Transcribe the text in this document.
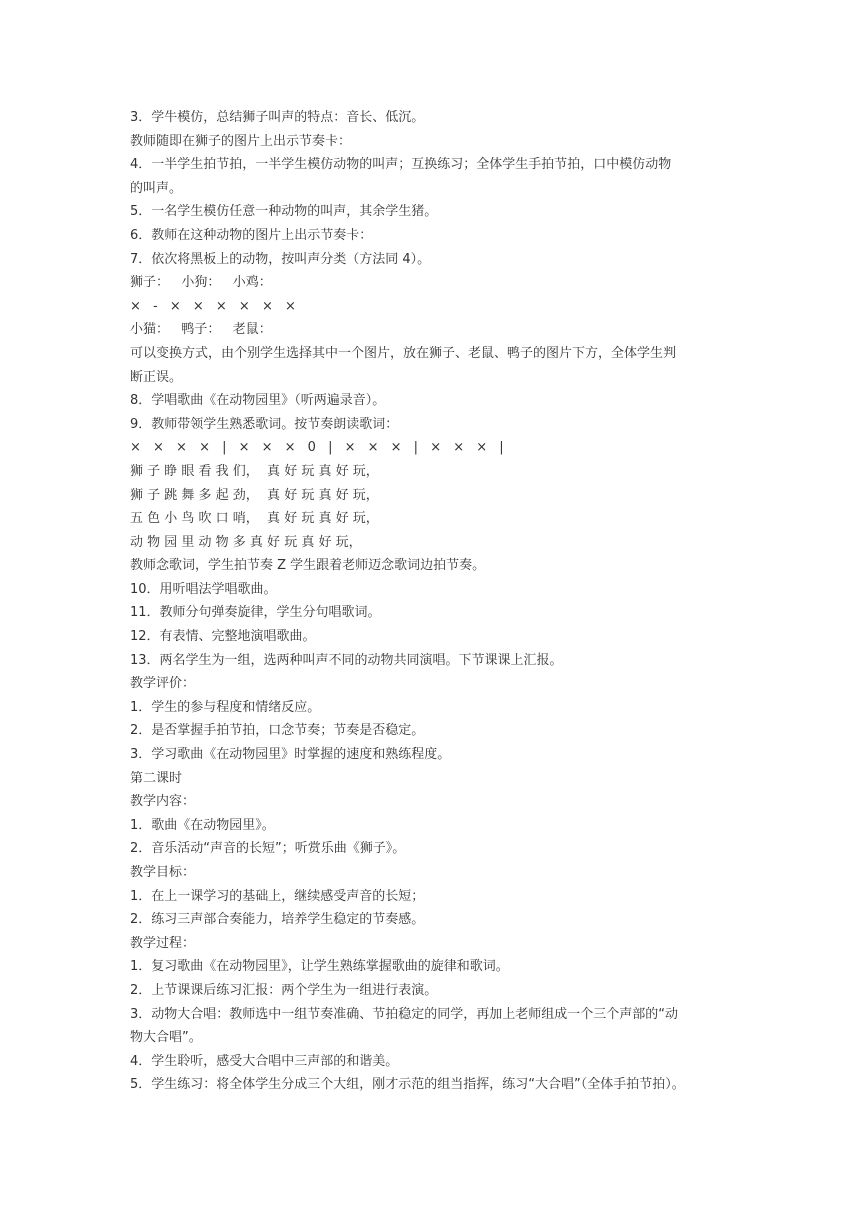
3．学牛模仿，总结狮子叫声的特点：音长、低沉。
教师随即在狮子的图片上出示节奏卡：
4．一半学生拍节拍，一半学生模仿动物的叫声；互换练习；全体学生手拍节拍，口中模仿动物
的叫声。
5．一名学生模仿任意一种动物的叫声，其余学生猪。
6．教师在这种动物的图片上出示节奏卡：
7．依次将黑板上的动物，按叫声分类（方法同 4）。
狮子：   小狗：   小鸡：
× - × × × × × ×
小猫：   鸭子：   老鼠：
可以变换方式，由个别学生选择其中一个图片，放在狮子、老鼠、鸭子的图片下方，全体学生判
断正误。
8．学唱歌曲《在动物园里》（听两遍录音）。
9．教师带领学生熟悉歌词。按节奏朗读歌词：
× × × × | × × × 0 | × × × | × × × |
狮 子 睁 眼 看 我 们，  真 好 玩 真 好 玩，
狮 子 跳 舞 多 起 劲，  真 好 玩 真 好 玩，
五 色 小 鸟 吹 口 哨，  真 好 玩 真 好 玩，
动 物 园 里 动 物 多 真 好 玩 真 好 玩，
教师念歌词，学生拍节奏 Z 学生跟着老师迈念歌词边拍节奏。
10．用听唱法学唱歌曲。
11．教师分句弹奏旋律，学生分句唱歌词。
12．有表情、完整地演唱歌曲。
13．两名学生为一组，选两种叫声不同的动物共同演唱。下节课课上汇报。
教学评价：
1．学生的参与程度和情绪反应。
2．是否掌握手拍节拍，口念节奏；节奏是否稳定。
3．学习歌曲《在动物园里》时掌握的速度和熟练程度。
第二课时
教学内容：
1．歌曲《在动物园里》。
2．音乐活动“声音的长短”；听赏乐曲《狮子》。
教学目标：
1．在上一课学习的基础上，继续感受声音的长短；
2．练习三声部合奏能力，培养学生稳定的节奏感。
教学过程：
1．复习歌曲《在动物园里》，让学生熟练掌握歌曲的旋律和歌词。
2．上节课课后练习汇报：两个学生为一组进行表演。
3．动物大合唱：教师选中一组节奏准确、节拍稳定的同学，再加上老师组成一个三个声部的“动
物大合唱”。
4．学生聆听，感受大合唱中三声部的和谐美。
5．学生练习：将全体学生分成三个大组，刚才示范的组当指挥，练习“大合唱”（全体手拍节拍）。
